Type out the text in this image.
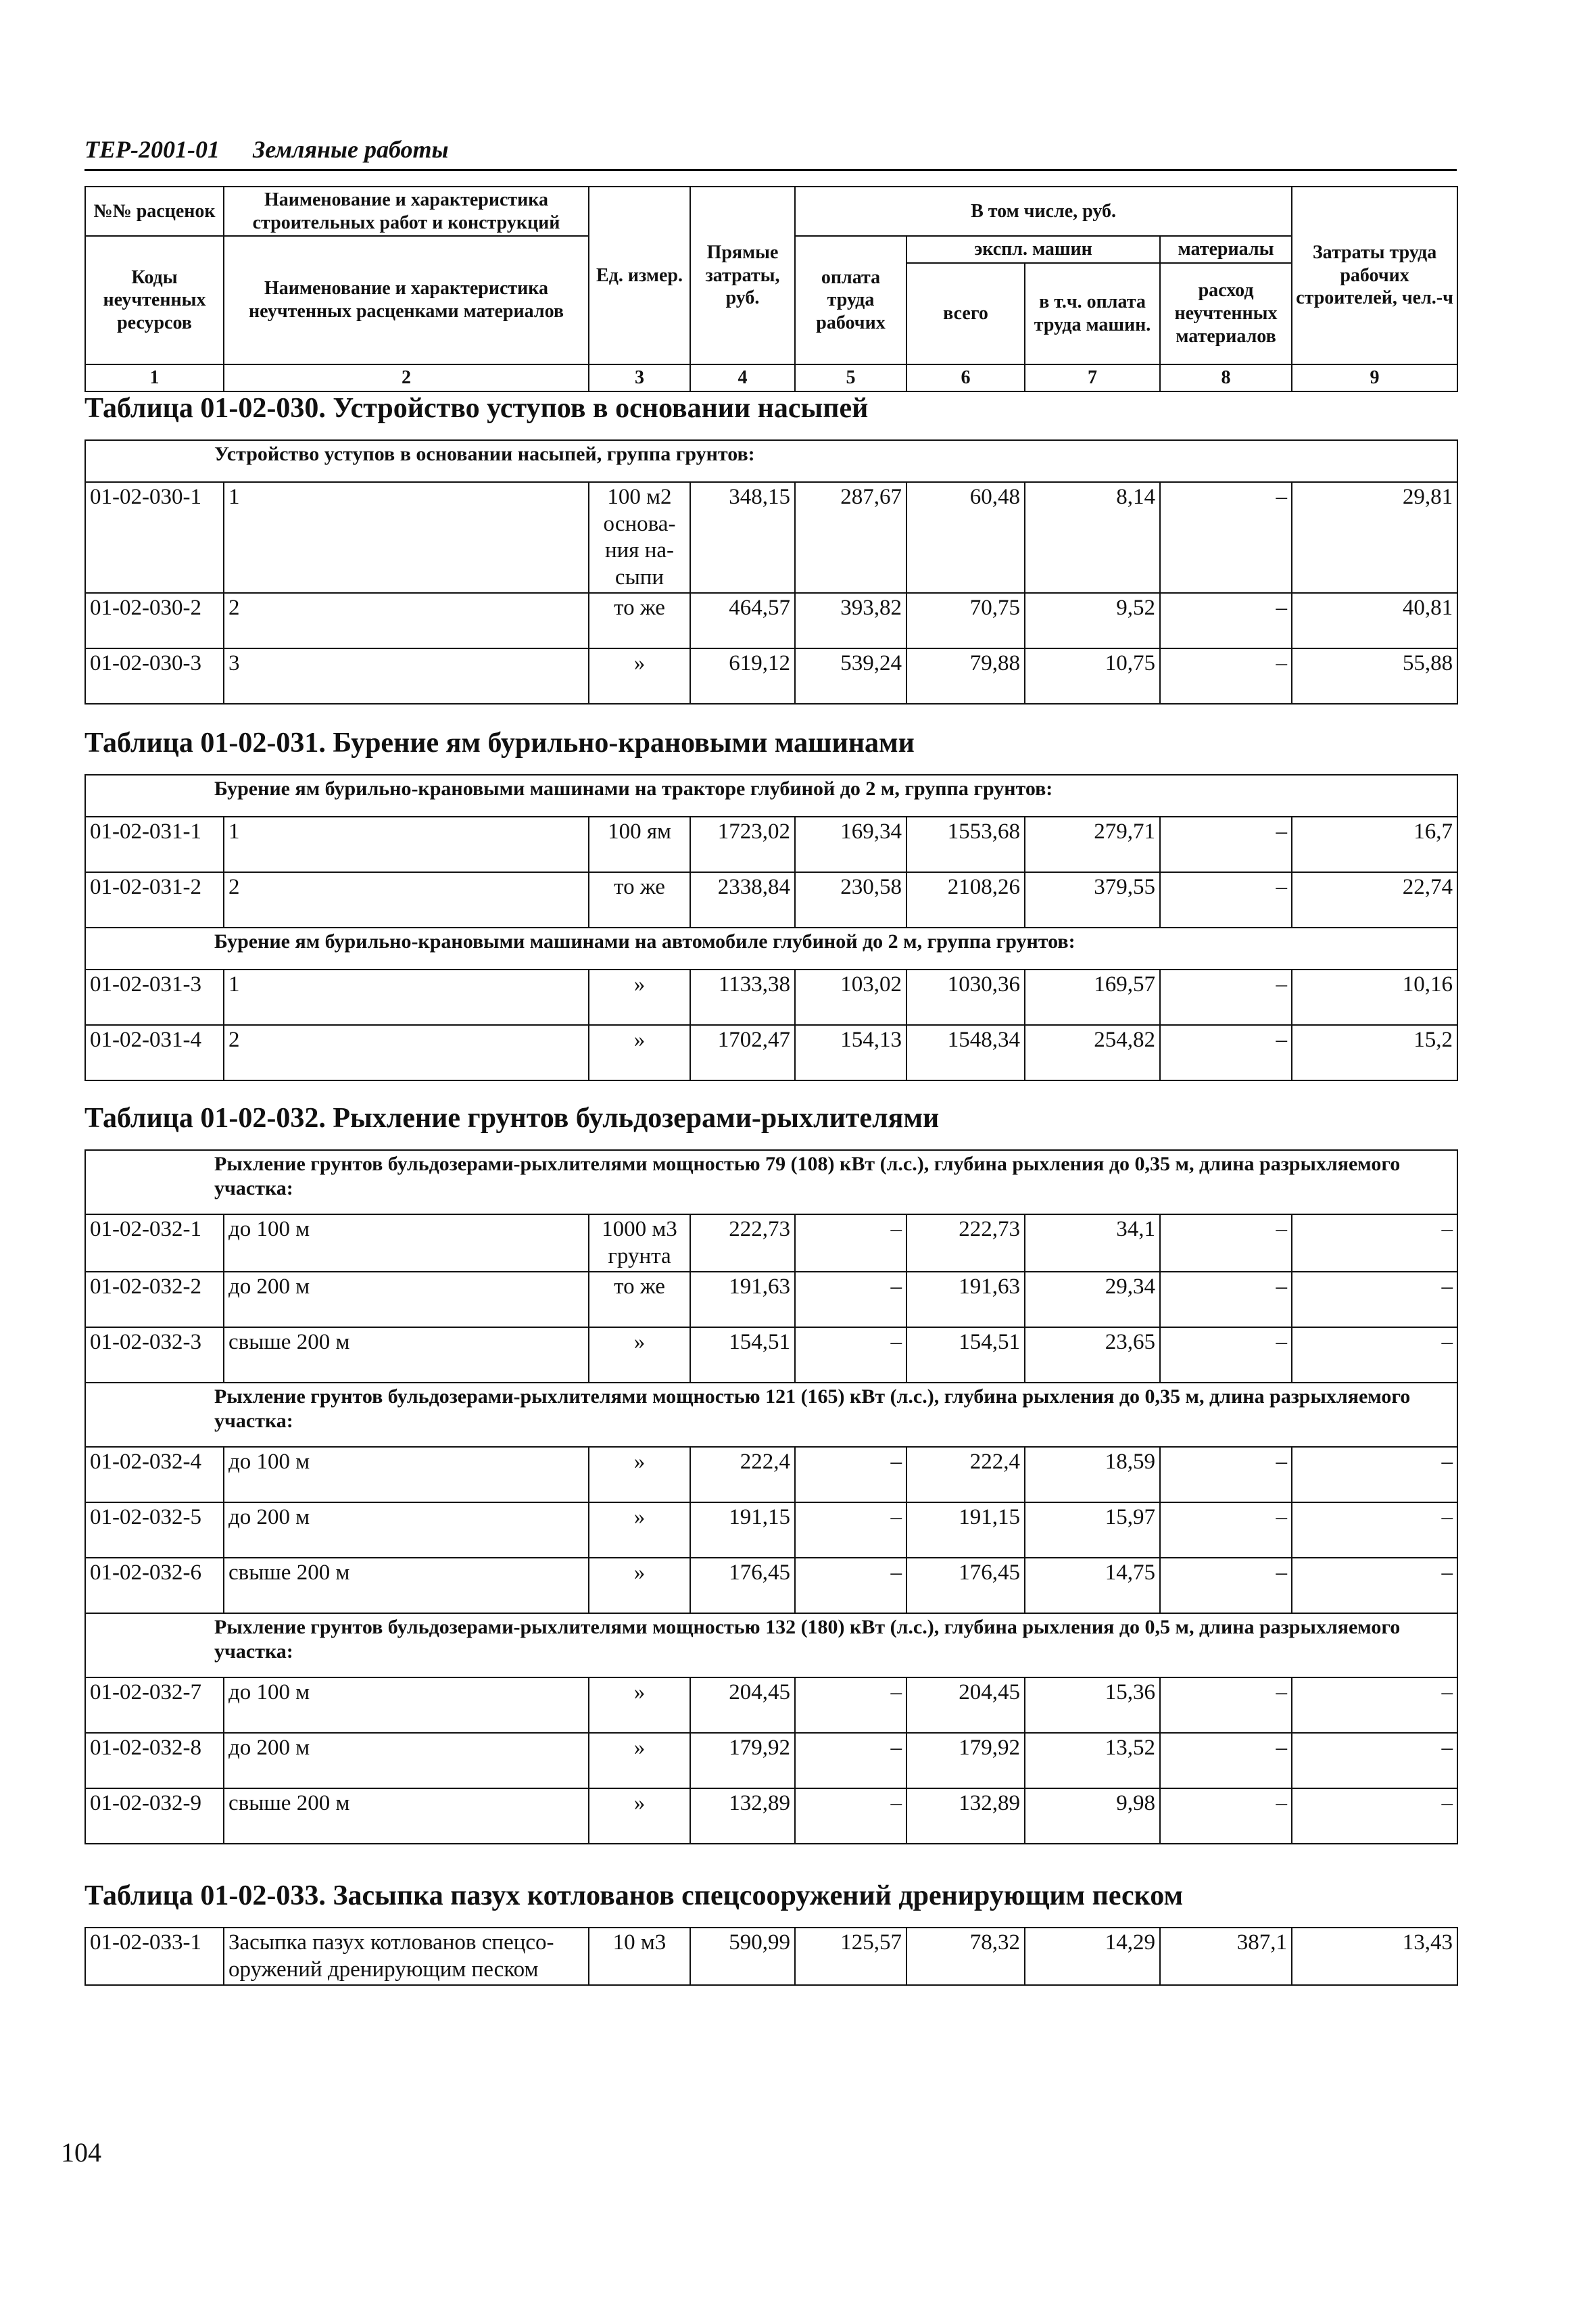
ТЕР-2001-01 Земляные работы
№№ расценок	Наименование и характеристика строительных работ и конструкций	Ед. измер.	Прямые затраты, руб.	В том числе, руб.				Затраты труда рабочих строителей, чел.-ч
Коды неучтенных ресурсов	Наименование и характеристика неучтенных расценками материалов			оплата труда рабочих	экспл. машин		материалы	
					всего	в т.ч. оплата труда машин.	расход неучтенных материалов	
1	2	3	4	5	6	7	8	9
Таблица 01-02-030. Устройство уступов в основании насыпей
Устройство уступов в основании насыпей, группа грунтов:								
01-02-030-1	1	100 м2 основа-ния на-сыпи	348,15	287,67	60,48	8,14	–	29,81
01-02-030-2	2	то же	464,57	393,82	70,75	9,52	–	40,81
01-02-030-3	3	»	619,12	539,24	79,88	10,75	–	55,88
Таблица 01-02-031. Бурение ям бурильно-крановыми машинами
Бурение ям бурильно-крановыми машинами на тракторе глубиной до 2 м, группа грунтов:								
01-02-031-1	1	100 ям	1723,02	169,34	1553,68	279,71	–	16,7
01-02-031-2	2	то же	2338,84	230,58	2108,26	379,55	–	22,74
Бурение ям бурильно-крановыми машинами на автомобиле глубиной до 2 м, группа грунтов:								
01-02-031-3	1	»	1133,38	103,02	1030,36	169,57	–	10,16
01-02-031-4	2	»	1702,47	154,13	1548,34	254,82	–	15,2
Таблица 01-02-032. Рыхление грунтов бульдозерами-рыхлителями
Рыхление грунтов бульдозерами-рыхлителями мощностью 79 (108) кВт (л.с.), глубина рыхления до 0,35 м, длина разрыхляемого участка:								
01-02-032-1	до 100 м	1000 м3 грунта	222,73	–	222,73	34,1	–	–
01-02-032-2	до 200 м	то же	191,63	–	191,63	29,34	–	–
01-02-032-3	свыше 200 м	»	154,51	–	154,51	23,65	–	–
Рыхление грунтов бульдозерами-рыхлителями мощностью 121 (165) кВт (л.с.), глубина рыхления до 0,35 м, длина разрыхляемого участка:								
01-02-032-4	до 100 м	»	222,4	–	222,4	18,59	–	–
01-02-032-5	до 200 м	»	191,15	–	191,15	15,97	–	–
01-02-032-6	свыше 200 м	»	176,45	–	176,45	14,75	–	–
Рыхление грунтов бульдозерами-рыхлителями мощностью 132 (180) кВт (л.с.), глубина рыхления до 0,5 м, длина разрыхляемого участка:								
01-02-032-7	до 100 м	»	204,45	–	204,45	15,36	–	–
01-02-032-8	до 200 м	»	179,92	–	179,92	13,52	–	–
01-02-032-9	свыше 200 м	»	132,89	–	132,89	9,98	–	–
Таблица 01-02-033. Засыпка пазух котлованов спецсооружений дренирующим песком
01-02-033-1	Засыпка пазух котлованов спецсо-оружений дренирующим песком	10 м3	590,99	125,57	78,32	14,29	387,1	13,43
104
